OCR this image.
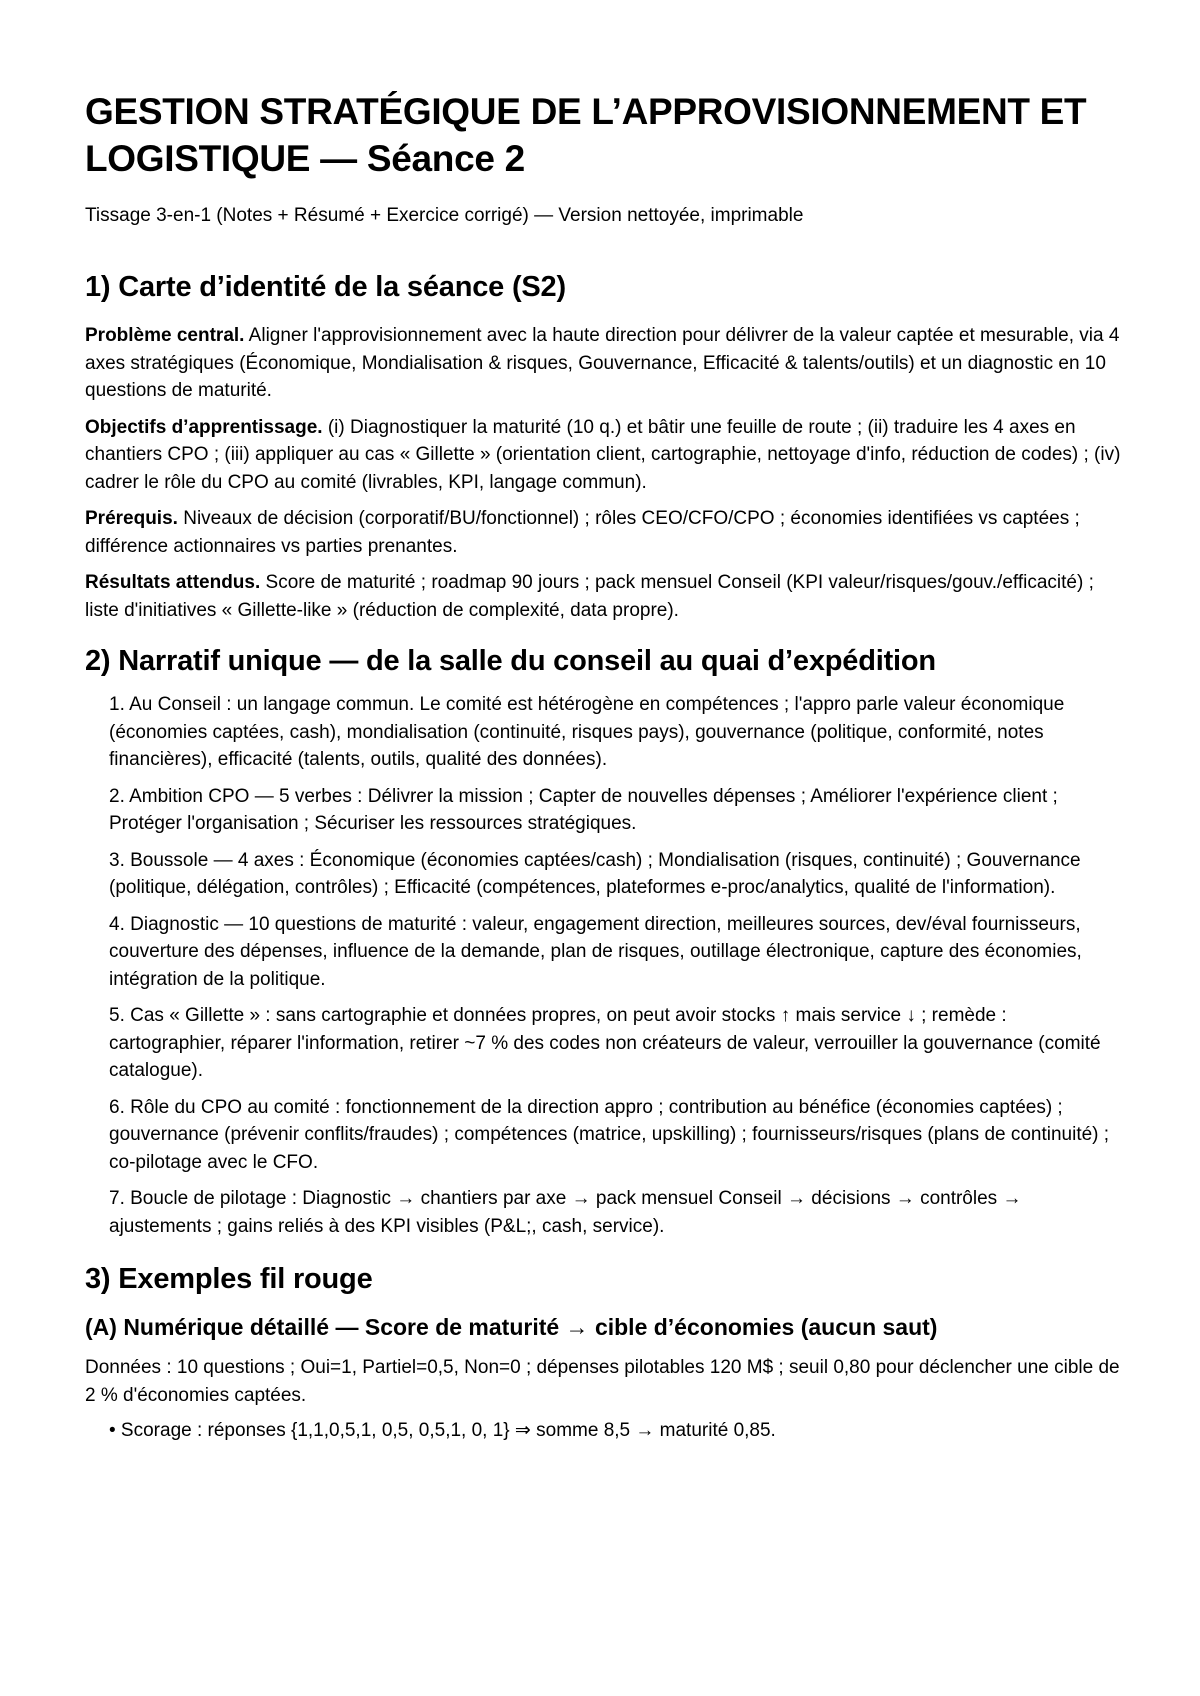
GESTION STRATÉGIQUE DE L’APPROVISIONNEMENT ET LOGISTIQUE — Séance 2
Tissage 3-en-1 (Notes + Résumé + Exercice corrigé) — Version nettoyée, imprimable
1) Carte d’identité de la séance (S2)

Problème central. Aligner l'approvisionnement avec la haute direction pour délivrer de la valeur captée et mesurable, via 4 axes stratégiques (Économique, Mondialisation & risques, Gouvernance, Efficacité & talents/outils) et un diagnostic en 10 questions de maturité.

Objectifs d’apprentissage. (i) Diagnostiquer la maturité (10 q.) et bâtir une feuille de route ; (ii) traduire les 4 axes en chantiers CPO ; (iii) appliquer au cas « Gillette » (orientation client, cartographie, nettoyage d'info, réduction de codes) ; (iv) cadrer le rôle du CPO au comité (livrables, KPI, langage commun).

Prérequis. Niveaux de décision (corporatif/BU/fonctionnel) ; rôles CEO/CFO/CPO ; économies identifiées vs captées ; différence actionnaires vs parties prenantes.

Résultats attendus. Score de maturité ; roadmap 90 jours ; pack mensuel Conseil (KPI valeur/risques/gouv./efficacité) ; liste d'initiatives « Gillette-like » (réduction de complexité, data propre).

2) Narratif unique — de la salle du conseil au quai d’expédition
1. Au Conseil : un langage commun. Le comité est hétérogène en compétences ; l'appro parle valeur économique (économies captées, cash), mondialisation (continuité, risques pays), gouvernance (politique, conformité, notes financières), efficacité (talents, outils, qualité des données).
2. Ambition CPO — 5 verbes : Délivrer la mission ; Capter de nouvelles dépenses ; Améliorer l'expérience client ; Protéger l'organisation ; Sécuriser les ressources stratégiques.
3. Boussole — 4 axes : Économique (économies captées/cash) ; Mondialisation (risques, continuité) ; Gouvernance (politique, délégation, contrôles) ; Efficacité (compétences, plateformes e-proc/analytics, qualité de l'information).
4. Diagnostic — 10 questions de maturité : valeur, engagement direction, meilleures sources, dev/éval fournisseurs, couverture des dépenses, influence de la demande, plan de risques, outillage électronique, capture des économies, intégration de la politique.
5. Cas « Gillette » : sans cartographie et données propres, on peut avoir stocks ↑ mais service ↓ ; remède : cartographier, réparer l'information, retirer ~7 % des codes non créateurs de valeur, verrouiller la gouvernance (comité catalogue).
6. Rôle du CPO au comité : fonctionnement de la direction appro ; contribution au bénéfice (économies captées) ; gouvernance (prévenir conflits/fraudes) ; compétences (matrice, upskilling) ; fournisseurs/risques (plans de continuité) ; co-pilotage avec le CFO.
7. Boucle de pilotage : Diagnostic → chantiers par axe → pack mensuel Conseil → décisions → contrôles → ajustements ; gains reliés à des KPI visibles (P&L;, cash, service).
3) Exemples fil rouge
(A) Numérique détaillé — Score de maturité → cible d’économies (aucun saut)

Données : 10 questions ; Oui=1, Partiel=0,5, Non=0 ; dépenses pilotables 120 M$ ; seuil 0,80 pour déclencher une cible de 2 % d'économies captées.

• Scorage : réponses {1,1,0,5,1, 0,5, 0,5,1, 0, 1} ⇒ somme 8,5 → maturité 0,85.
